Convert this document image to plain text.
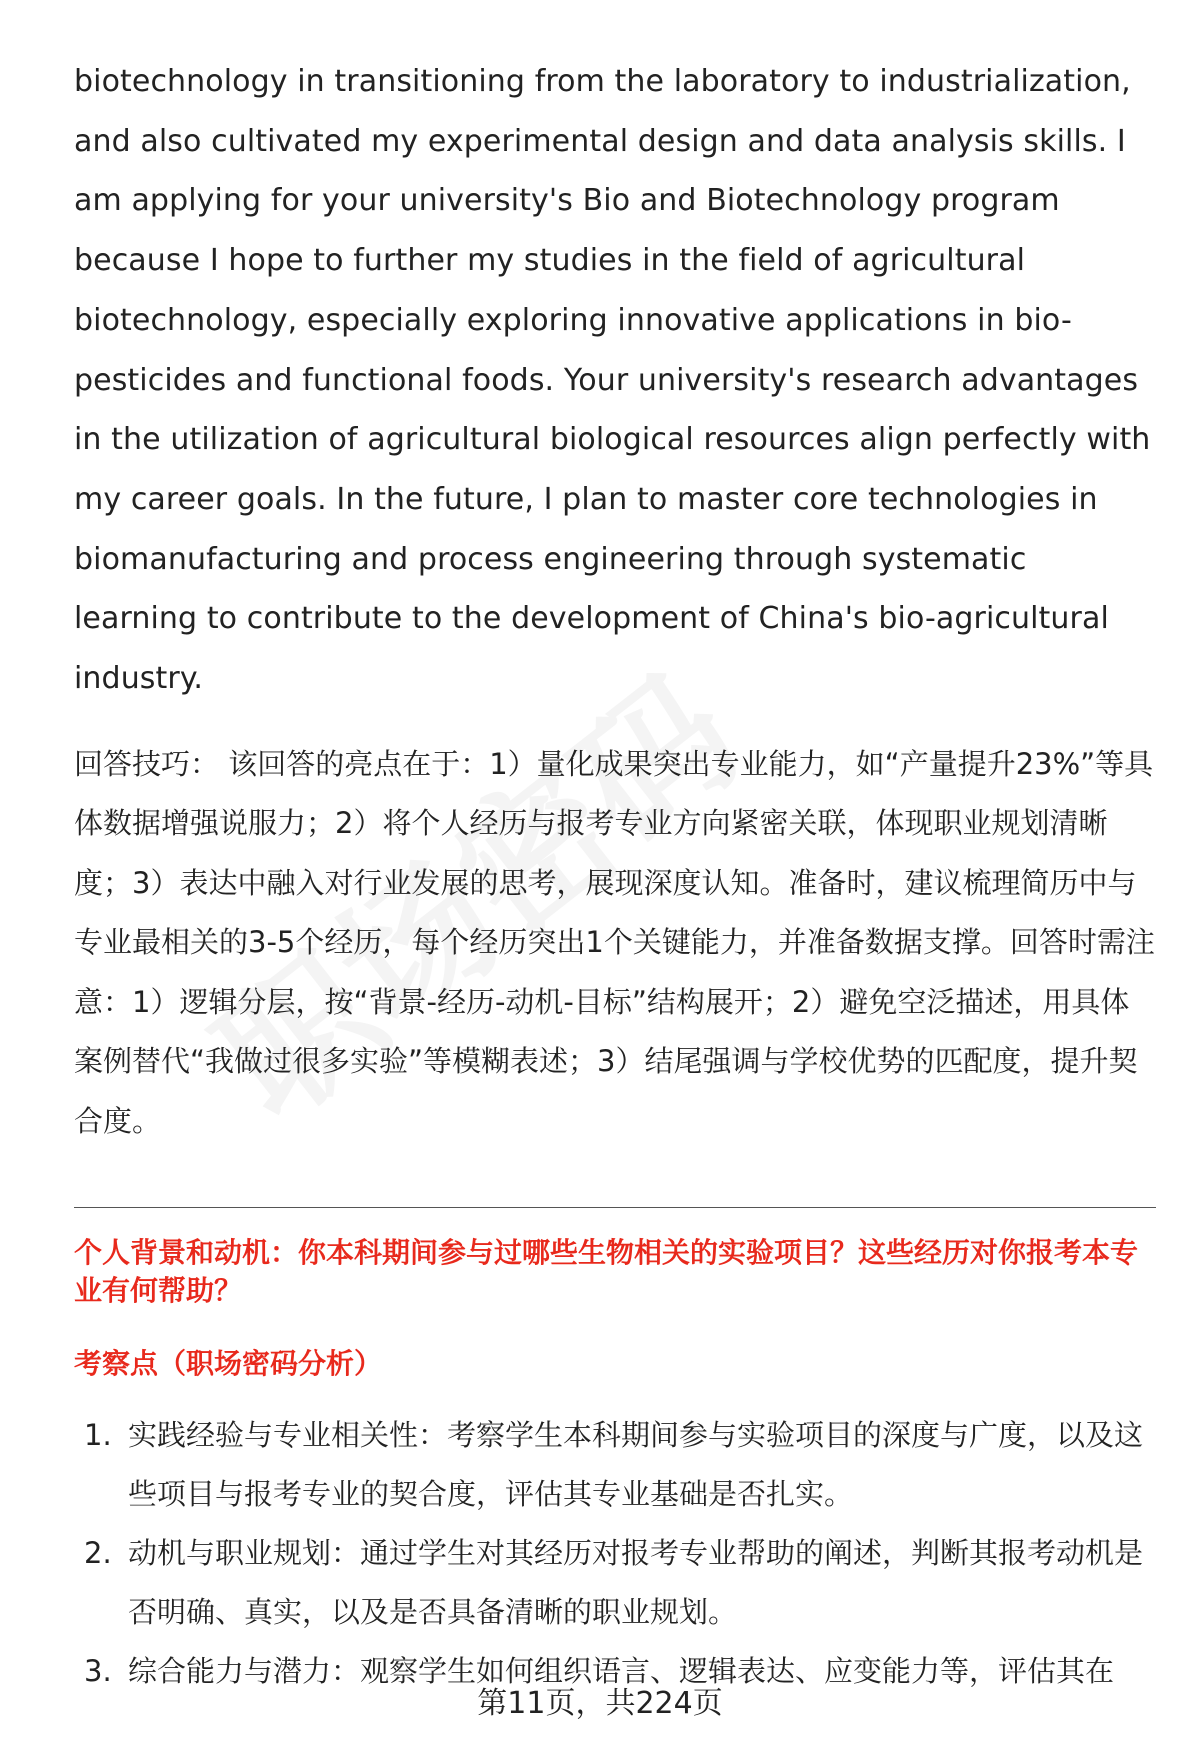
biotechnology in transitioning from the laboratory to industrialization, and also cultivated my experimental design and data analysis skills. I am applying for your university's Bio and Biotechnology program because I hope to further my studies in the field of agricultural biotechnology, especially exploring innovative applications in bio-pesticides and functional foods. Your university's research advantages in the utilization of agricultural biological resources align perfectly with my career goals. In the future, I plan to master core technologies in biomanufacturing and process engineering through systematic learning to contribute to the development of China's bio-agricultural industry.

回答技巧： 该回答的亮点在于：1）量化成果突出专业能力，如“产量提升23%”等具体数据增强说服力；2）将个人经历与报考专业方向紧密关联，体现职业规划清晰度；3）表达中融入对行业发展的思考，展现深度认知。准备时，建议梳理简历中与专业最相关的3-5个经历，每个经历突出1个关键能力，并准备数据支撑。回答时需注意：1）逻辑分层，按“背景-经历-动机-目标”结构展开；2）避免空泛描述，用具体案例替代“我做过很多实验”等模糊表述；3）结尾强调与学校优势的匹配度，提升契合度。

个人背景和动机：你本科期间参与过哪些生物相关的实验项目？这些经历对你报考本专业有何帮助？
考察点（职场密码分析）
1. 实践经验与专业相关性：考察学生本科期间参与实验项目的深度与广度，以及这些项目与报考专业的契合度，评估其专业基础是否扎实。
2. 动机与职业规划：通过学生对其经历对报考专业帮助的阐述，判断其报考动机是否明确、真实，以及是否具备清晰的职业规划。
3. 综合能力与潜力：观察学生如何组织语言、逻辑表达、应变能力等，评估其在
第11页，共224页
